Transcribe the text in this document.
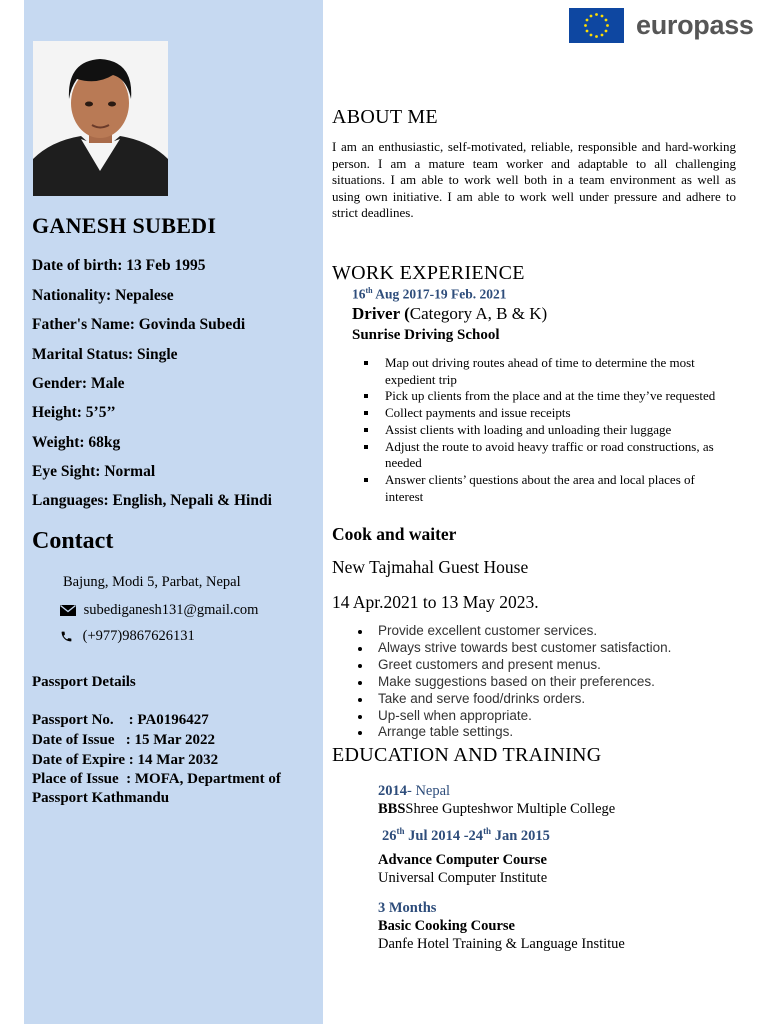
GANESH SUBEDI
Date of birth: 13 Feb 1995
Nationality: Nepalese
Father's Name: Govinda Subedi
Marital Status: Single
Gender: Male
Height: 5’5’’
Weight: 68kg
Eye Sight: Normal
Languages: English, Nepali & Hindi
Contact
Bajung, Modi 5, Parbat, Nepal
subediganesh131@gmail.com
(+977)9867626131
Passport Details
Passport No.    : PA0196427
Date of Issue   : 15 Mar 2022
Date of Expire : 14 Mar 2032
Place of Issue  : MOFA, Department of
Passport Kathmandu
europass
ABOUT ME
I am an enthusiastic, self-motivated, reliable, responsible and hard-working person. I am a mature team worker and adaptable to all challenging situations. I am able to work well both in a team environment as well as using own initiative. I am able to work well under pressure and adhere to strict deadlines.
WORK EXPERIENCE
16th Aug 2017-19 Feb. 2021
Driver (Category A, B & K)
Sunrise Driving School
Map out driving routes ahead of time to determine the most expedient trip
Pick up clients from the place and at the time they’ve requested
Collect payments and issue receipts
Assist clients with loading and unloading their luggage
Adjust the route to avoid heavy traffic or road constructions, as needed
Answer clients’ questions about the area and local places of interest
Cook and waiter
New Tajmahal Guest House
14 Apr.2021 to 13 May 2023.
Provide excellent customer services.
Always strive towards best customer satisfaction.
Greet customers and present menus.
Make suggestions based on their preferences.
Take and serve food/drinks orders.
Up-sell when appropriate.
Arrange table settings.
EDUCATION AND TRAINING
2014- Nepal
BBSShree Gupteshwor Multiple College
26th Jul 2014 -24th Jan 2015
Advance Computer Course
Universal Computer Institute
3 Months
Basic Cooking Course
Danfe Hotel Training & Language Institue
